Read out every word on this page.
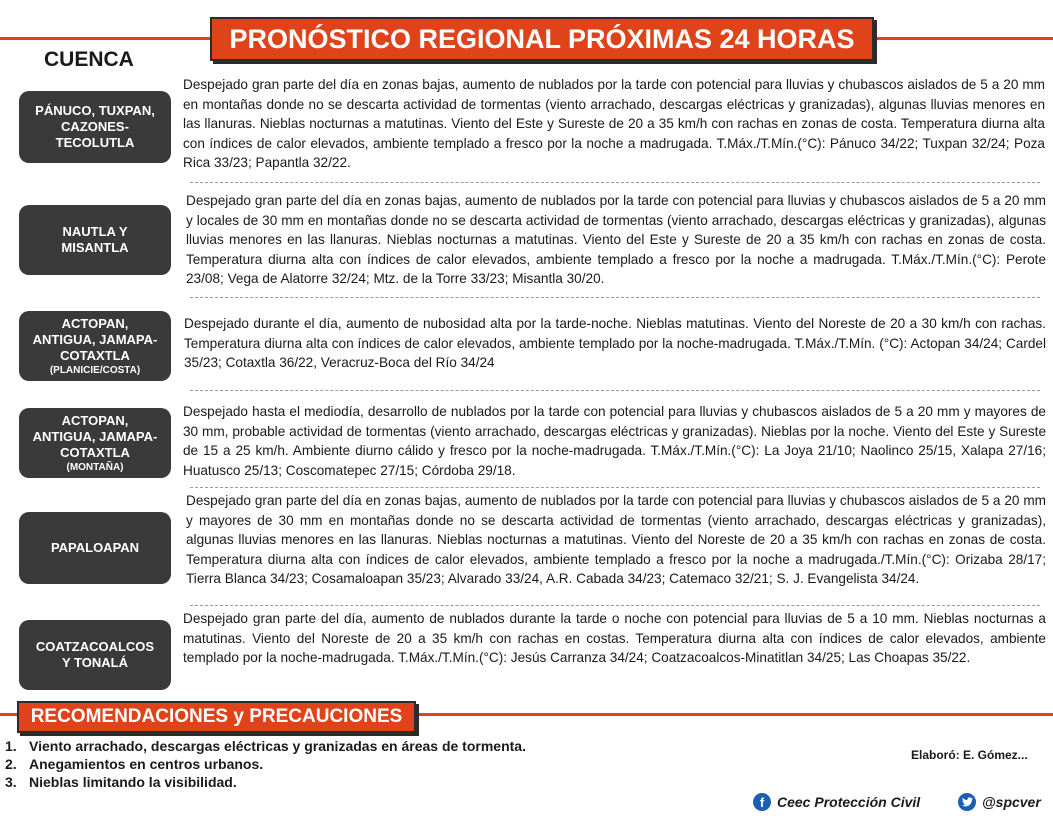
PRONÓSTICO REGIONAL PRÓXIMAS 24 HORAS
CUENCA
PÁNUCO, TUXPAN,
CAZONES-
TECOLUTLA
Despejado gran parte del día en zonas bajas, aumento de nublados por la tarde con potencial para lluvias y chubascos aislados de 5 a 20 mm en montañas donde no se descarta actividad de tormentas (viento arrachado, descargas eléctricas y granizadas), algunas lluvias menores en las llanuras. Nieblas nocturnas a matutinas. Viento del Este y Sureste de 20 a 35 km/h con rachas en zonas de costa. Temperatura diurna alta con índices de calor elevados, ambiente templado a fresco por la noche a madrugada. T.Máx./T.Mín.(°C): Pánuco 34/22; Tuxpan 32/24; Poza Rica 33/23; Papantla 32/22.
NAUTLA Y
MISANTLA
Despejado gran parte del día en zonas bajas, aumento de nublados por la tarde con potencial para lluvias y chubascos aislados de 5 a 20 mm y locales de 30 mm en montañas donde no se descarta actividad de tormentas (viento arrachado, descargas eléctricas y granizadas), algunas lluvias menores en las llanuras. Nieblas nocturnas a matutinas. Viento del Este y Sureste de 20 a 35 km/h con rachas en zonas de costa. Temperatura diurna alta con índices de calor elevados, ambiente templado a fresco por la noche a madrugada. T.Máx./T.Mín.(°C): Perote 23/08; Vega de Alatorre 32/24; Mtz. de la Torre 33/23; Misantla 30/20.
ACTOPAN,
ANTIGUA, JAMAPA-
COTAXTLA
(PLANICIE/COSTA)
Despejado durante el día, aumento de nubosidad alta por la tarde-noche. Nieblas matutinas. Viento del Noreste de 20 a 30 km/h con rachas. Temperatura diurna alta con índices de calor elevados, ambiente templado por la noche-madrugada. T.Máx./T.Mín. (°C): Actopan 34/24; Cardel 35/23; Cotaxtla 36/22, Veracruz-Boca del Río 34/24
ACTOPAN,
ANTIGUA, JAMAPA-
COTAXTLA
(MONTAÑA)
Despejado hasta el mediodía, desarrollo de nublados por la tarde con potencial para lluvias y chubascos aislados de 5 a 20 mm y mayores de 30 mm, probable actividad de tormentas (viento arrachado, descargas eléctricas y granizadas). Nieblas por la noche. Viento del Este y Sureste de 15 a 25 km/h. Ambiente diurno cálido y fresco por la noche-madrugada. T.Máx./T.Mín.(°C): La Joya 21/10; Naolinco 25/15, Xalapa 27/16; Huatusco 25/13; Coscomatepec 27/15; Córdoba 29/18.
PAPALOAPAN
Despejado gran parte del día en zonas bajas, aumento de nublados por la tarde con potencial para lluvias y chubascos aislados de 5 a 20 mm y mayores de 30 mm en montañas donde no se descarta actividad de tormentas (viento arrachado, descargas eléctricas y granizadas), algunas lluvias menores en las llanuras. Nieblas nocturnas a matutinas. Viento del Noreste de 20 a 35 km/h con rachas en zonas de costa. Temperatura diurna alta con índices de calor elevados, ambiente templado a fresco por la noche a madrugada./T.Mín.(°C): Orizaba 28/17; Tierra Blanca 34/23; Cosamaloapan 35/23; Alvarado 33/24, A.R. Cabada 34/23; Catemaco 32/21; S. J. Evangelista 34/24.
COATZACOALCOS
Y TONALÁ
Despejado gran parte del día, aumento de nublados durante la tarde o noche con potencial para lluvias de 5 a 10 mm. Nieblas nocturnas a matutinas. Viento del Noreste de 20 a 35 km/h con rachas en costas. Temperatura diurna alta con índices de calor elevados, ambiente templado por la noche-madrugada. T.Máx./T.Mín.(°C): Jesús Carranza 34/24; Coatzacoalcos-Minatitlan 34/25; Las Choapas 35/22.
RECOMENDACIONES y PRECAUCIONES
1. Viento arrachado, descargas eléctricas y granizadas en áreas de tormenta.
2. Anegamientos en centros urbanos.
3. Nieblas limitando la visibilidad.
Elaboró: E. Gómez...
f Ceec Protección Civil	@spcver
